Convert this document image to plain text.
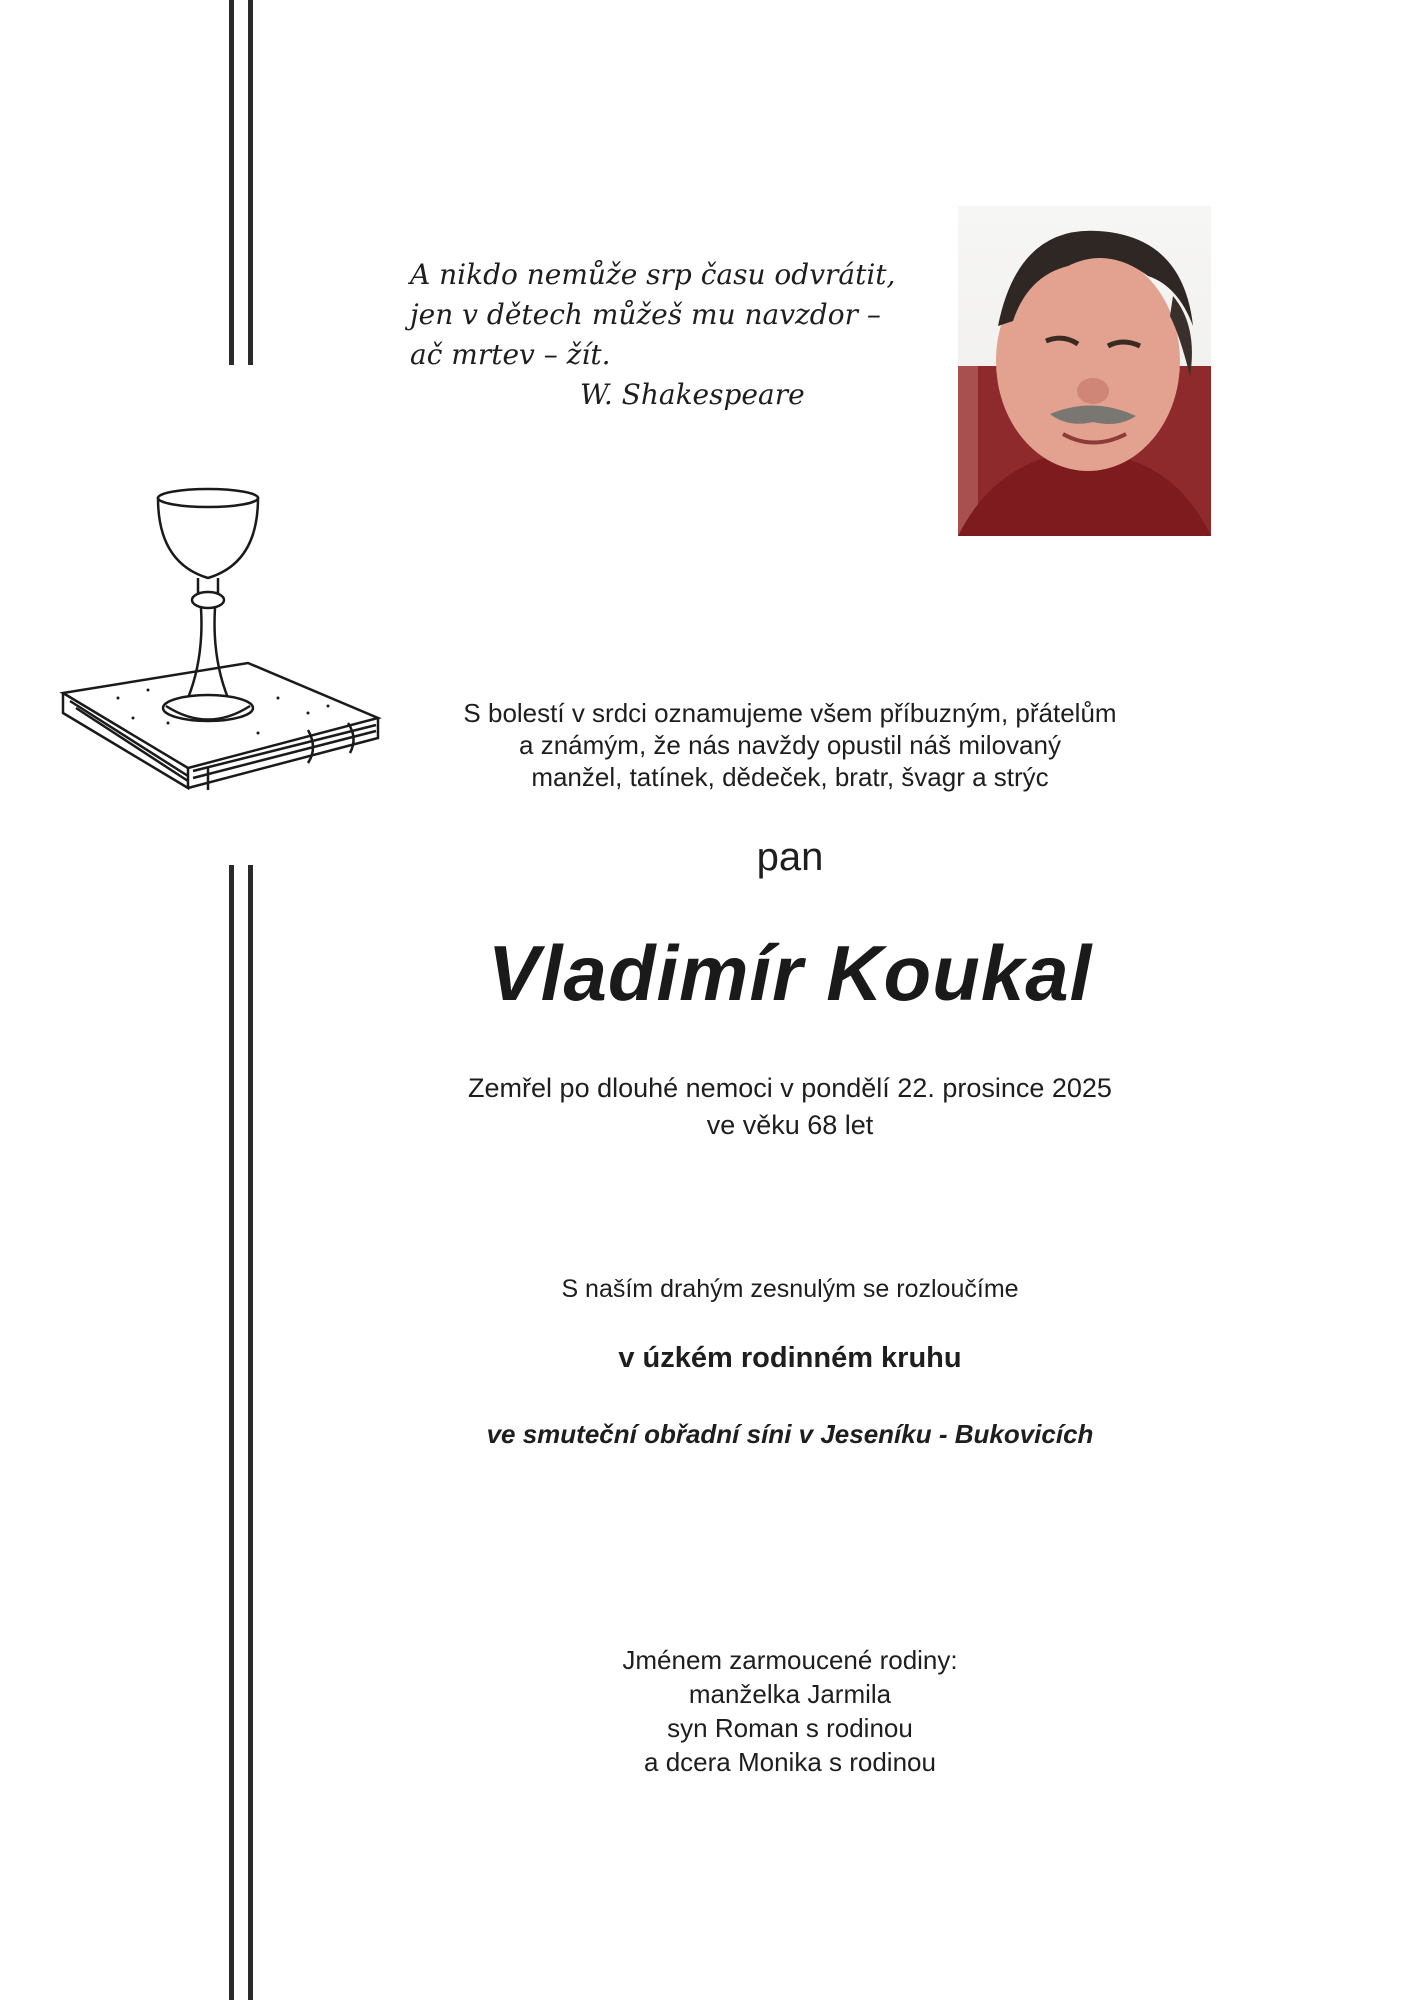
A nikdo nemůže srp času odvrátit,
jen v dětech můžeš mu navzdor –
ač mrtev – žít.
W. Shakespeare
S bolestí v srdci oznamujeme všem příbuzným, přátelům
a známým, že nás navždy opustil náš milovaný
manžel, tatínek, dědeček, bratr, švagr a strýc
pan
Vladimír Koukal
Zemřel po dlouhé nemoci v pondělí 22. prosince 2025
ve věku 68 let
S naším drahým zesnulým se rozloučíme
v úzkém rodinném kruhu
ve smuteční obřadní síni v Jeseníku - Bukovicích
Jménem zarmoucené rodiny:
manželka Jarmila
syn Roman s rodinou
a dcera Monika s rodinou
